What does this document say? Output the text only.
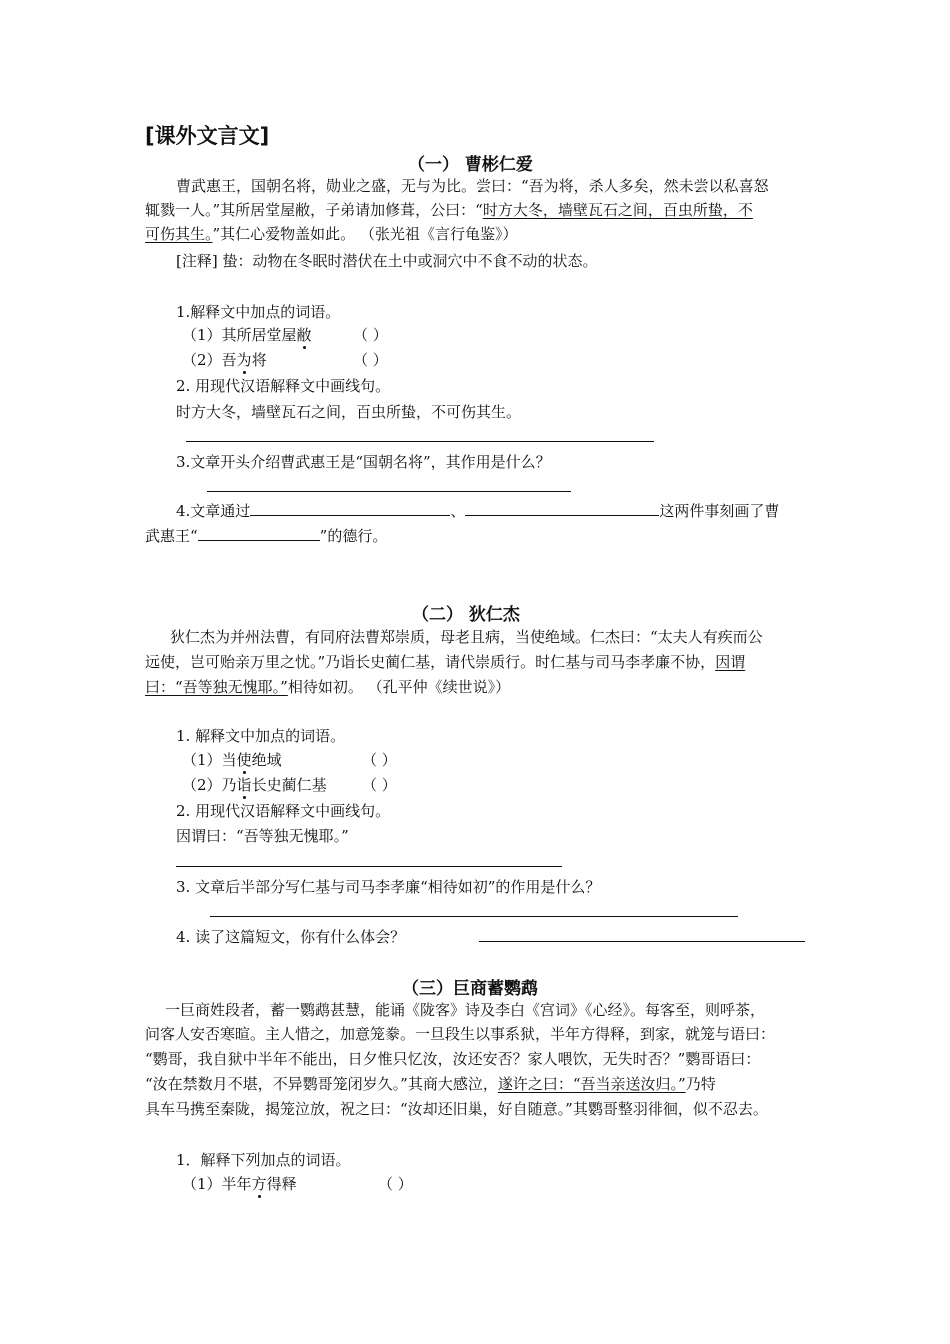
[课外文言文]
（一） 曹彬仁爱
曹武惠王，国朝名将，勋业之盛，无与为比。尝曰：“吾为将，杀人多矣，然未尝以私喜怒
辄戮一人。”其所居堂屋敝，子弟请加修葺，公曰：“时方大冬，墙壁瓦石之间，百虫所蛰，不
可伤其生。”其仁心爱物盖如此。 （张光祖《言行龟鉴》）
[注释] 蛰：动物在冬眠时潜伏在土中或洞穴中不食不动的状态。
1.解释文中加点的词语。
（1）其所居堂屋敝	（ ）
（2）吾为将	（ ）
2. 用现代汉语解释文中画线句。
时方大冬，墙壁瓦石之间，百虫所蛰，不可伤其生。
3.文章开头介绍曹武惠王是“国朝名将”，其作用是什么？
4.文章通过	、	这两件事刻画了曹
武惠王“	”的德行。
（二） 狄仁杰
狄仁杰为并州法曹，有同府法曹郑崇质，母老且病，当使绝域。仁杰曰：“太夫人有疾而公
远使，岂可贻亲万里之忧。”乃诣长史蔺仁基，请代崇质行。时仁基与司马李孝廉不协，因谓
曰：“吾等独无愧耶。”相待如初。 （孔平仲《续世说》）
1. 解释文中加点的词语。
（1）当使绝域	（ ）
（2）乃诣长史蔺仁基 （ ）
2. 用现代汉语解释文中画线句。
因谓曰：“吾等独无愧耶。”
3. 文章后半部分写仁基与司马李孝廉“相待如初”的作用是什么？
4. 读了这篇短文，你有什么体会？
（三）巨商蓄鹦鹉
一巨商姓段者，蓄一鹦鹉甚慧，能诵《陇客》诗及李白《宫词》《心经》。每客至，则呼茶，
问客人安否寒暄。主人惜之，加意笼豢。一旦段生以事系狱，半年方得释，到家，就笼与语曰：
“鹦哥，我自狱中半年不能出，日夕惟只忆汝，汝还安否？家人喂饮，无失时否？”鹦哥语曰：
“汝在禁数月不堪，不异鹦哥笼闭岁久。”其商大感泣，遂许之曰：“吾当亲送汝归。”乃特
具车马携至秦陇，揭笼泣放，祝之曰：“汝却还旧巢，好自随意。”其鹦哥整羽徘徊，似不忍去。
1．解释下列加点的词语。
（1）半年方得释	（ ）
